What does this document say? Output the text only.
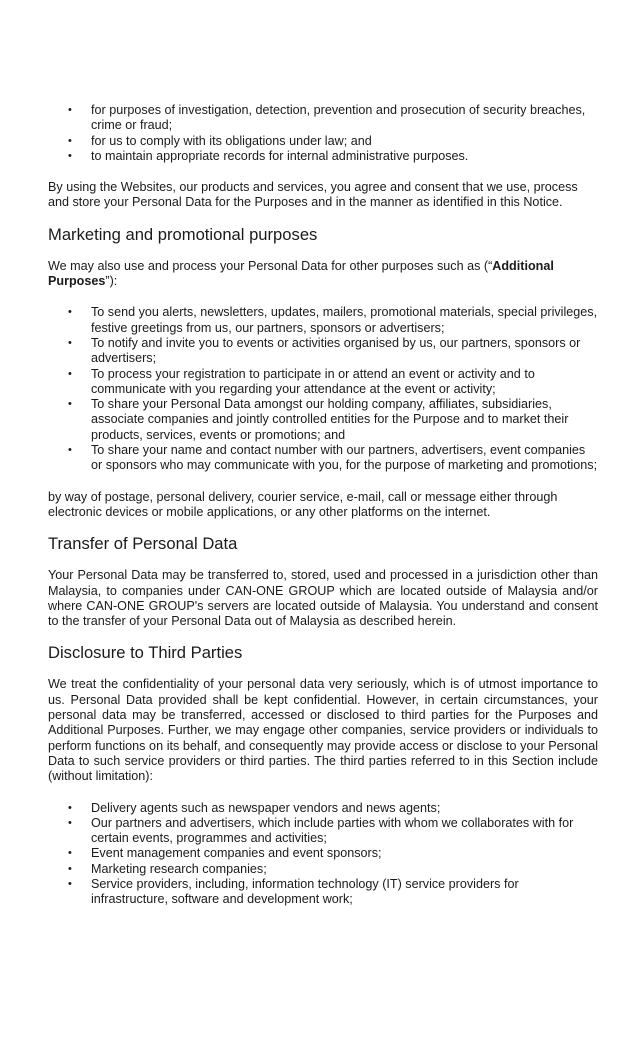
• for purposes of investigation, detection, prevention and prosecution of security breaches, crime or fraud;
• for us to comply with its obligations under law; and
• to maintain appropriate records for internal administrative purposes.

By using the Websites, our products and services, you agree and consent that we use, process and store your Personal Data for the Purposes and in the manner as identified in this Notice.

Marketing and promotional purposes

We may also use and process your Personal Data for other purposes such as (“Additional Purposes”):

• To send you alerts, newsletters, updates, mailers, promotional materials, special privileges, festive greetings from us, our partners, sponsors or advertisers;
• To notify and invite you to events or activities organised by us, our partners, sponsors or advertisers;
• To process your registration to participate in or attend an event or activity and to communicate with you regarding your attendance at the event or activity;
• To share your Personal Data amongst our holding company, affiliates, subsidiaries, associate companies and jointly controlled entities for the Purpose and to market their products, services, events or promotions; and
• To share your name and contact number with our partners, advertisers, event companies or sponsors who may communicate with you, for the purpose of marketing and promotions;

by way of postage, personal delivery, courier service, e-mail, call or message either through electronic devices or mobile applications, or any other platforms on the internet.

Transfer of Personal Data

Your Personal Data may be transferred to, stored, used and processed in a jurisdiction other than Malaysia, to companies under CAN-ONE GROUP which are located outside of Malaysia and/or where CAN-ONE GROUP's servers are located outside of Malaysia. You understand and consent to the transfer of your Personal Data out of Malaysia as described herein.

Disclosure to Third Parties

We treat the confidentiality of your personal data very seriously, which is of utmost importance to us. Personal Data provided shall be kept confidential. However, in certain circumstances, your personal data may be transferred, accessed or disclosed to third parties for the Purposes and Additional Purposes. Further, we may engage other companies, service providers or individuals to perform functions on its behalf, and consequently may provide access or disclose to your Personal Data to such service providers or third parties. The third parties referred to in this Section include (without limitation):

• Delivery agents such as newspaper vendors and news agents;
• Our partners and advertisers, which include parties with whom we collaborates with for certain events, programmes and activities;
• Event management companies and event sponsors;
• Marketing research companies;
• Service providers, including, information technology (IT) service providers for infrastructure, software and development work;
